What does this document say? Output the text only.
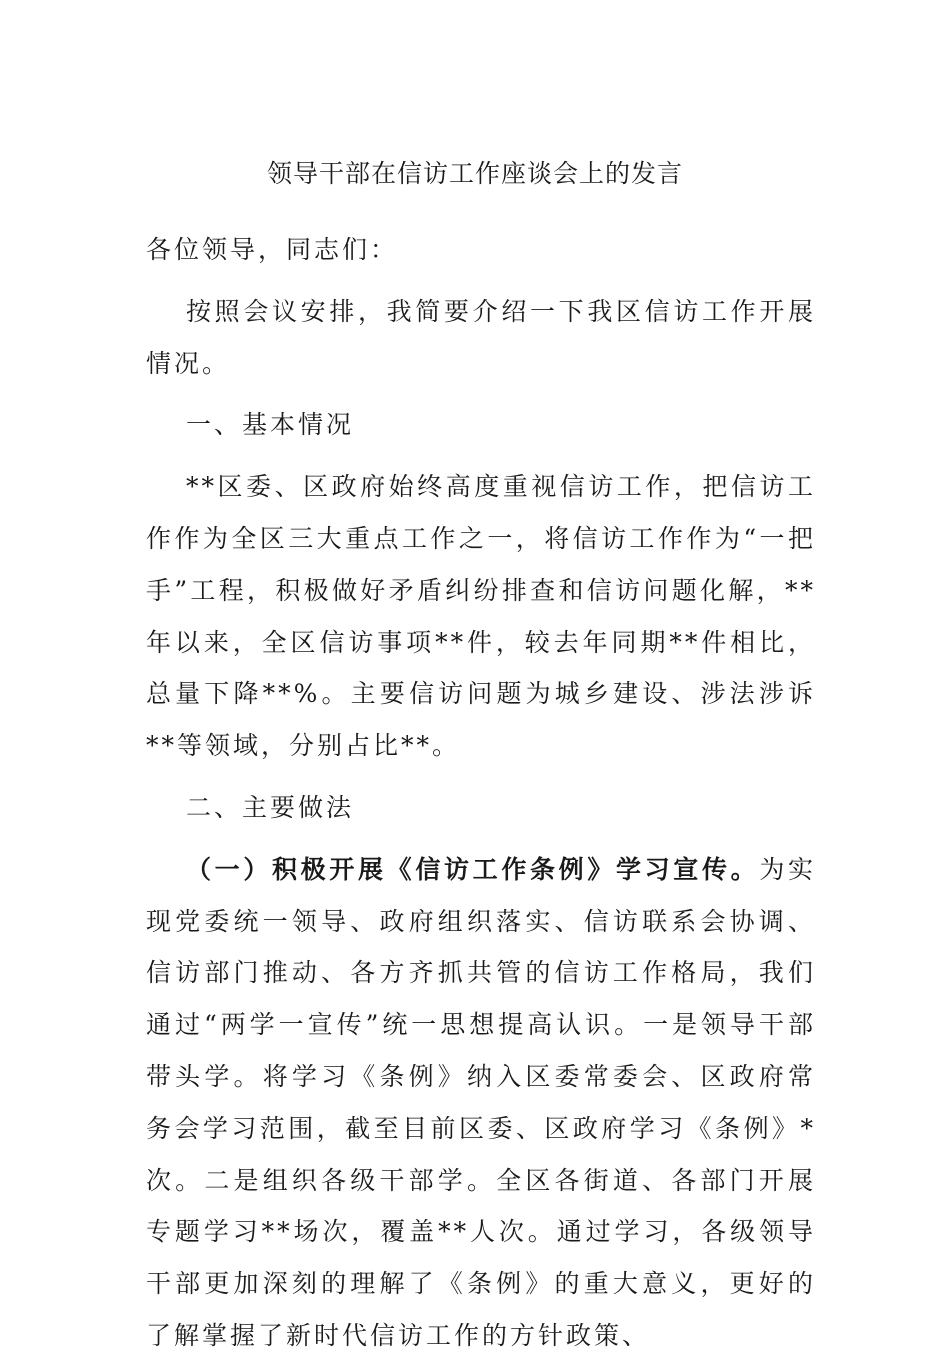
领导干部在信访工作座谈会上的发言

各位领导，同志们：

按照会议安排，我简要介绍一下我区信访工作开展情况。

一、基本情况

**区委、区政府始终高度重视信访工作，把信访工作作为全区三大重点工作之一，将信访工作作为“一把手”工程，积极做好矛盾纠纷排查和信访问题化解，**年以来，全区信访事项**件，较去年同期**件相比，总量下降**%。主要信访问题为城乡建设、涉法涉诉**等领域，分别占比**。

二、主要做法

（一）积极开展《信访工作条例》学习宣传。为实现党委统一领导、政府组织落实、信访联系会协调、信访部门推动、各方齐抓共管的信访工作格局，我们通过“两学一宣传”统一思想提高认识。一是领导干部带头学。将学习《条例》纳入区委常委会、区政府常务会学习范围，截至目前区委、区政府学习《条例》*次。二是组织各级干部学。全区各街道、各部门开展专题学习**场次，覆盖**人次。通过学习，各级领导干部更加深刻的理解了《条例》的重大意义，更好的了解掌握了新时代信访工作的方针政策、
